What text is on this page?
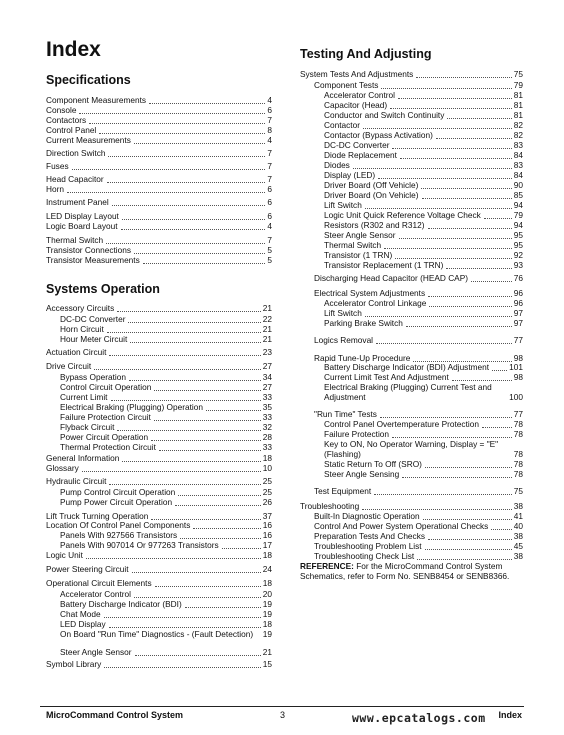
Index
Specifications
Systems Operation
Component Measurements	4
Console	6
Contactors	7
Control Panel	8
Current Measurements	4
Direction Switch	7
Fuses	7
Head Capacitor	7
Horn	6
Instrument Panel	6
LED Display Layout	6
Logic Board Layout	4
Thermal Switch	7
Transistor Connections	5
Transistor Measurements	5
Accessory Circuits	21
DC-DC Converter	22
Horn Circuit	21
Hour Meter Circuit	21
Actuation Circuit	23
Drive Circuit	27
Bypass Operation	34
Control Circuit Operation	27
Current Limit	33
Electrical Braking (Plugging) Operation	35
Failure Protection Circuit	33
Flyback Circuit	32
Power Circuit Operation	28
Thermal Protection Circuit	33
General Information	18
Glossary	10
Hydraulic Circuit	25
Pump Control Circuit Operation	25
Pump Power Circuit Operation	26
Lift Truck Turning Operation	37
Location Of Control Panel Components	16
Panels With 927566 Transistors	16
Panels With 907014 Or 977263 Transistors	17
Logic Unit	18
Power Steering Circuit	24
Operational Circuit Elements	18
Accelerator Control	20
Battery Discharge Indicator (BDI)	19
Chat Mode	19
LED Display	18
On Board "Run Time" Diagnostics - (Fault Detection)	19
Steer Angle Sensor	21
Symbol Library	15
Testing And Adjusting
System Tests And Adjustments	75
Component Tests	79
Accelerator Control	81
Capacitor (Head)	81
Conductor and Switch Continuity	81
Contactor	82
Contactor (Bypass Activation)	82
DC-DC Converter	83
Diode Replacement	84
Diodes	83
Display (LED)	84
Driver Board (Off Vehicle)	90
Driver Board (On Vehicle)	85
Lift Switch	94
Logic Unit Quick Reference Voltage Check	79
Resistors (R302 and R312)	94
Steer Angle Sensor	95
Thermal Switch	95
Transistor (1 TRN)	92
Transistor Replacement (1 TRN)	93
Discharging Head Capacitor (HEAD CAP)	76
Electrical System Adjustments	96
Accelerator Control Linkage	96
Lift Switch	97
Parking Brake Switch	97
Logics Removal	77
Rapid Tune-Up Procedure	98
Battery Discharge Indicator (BDI) Adjustment 101
Current Limit Test And Adjustment	98
Electrical Braking (Plugging) Current Test and Adjustment	100
"Run Time" Tests	77
Control Panel Overtemperature Protection	78
Failure Protection	78
Key to ON, No Operator Warning, Display = "E" (Flashing)	78
Static Return To Off (SRO)	78
Steer Angle Sensing	78
Test Equipment	75
Troubleshooting	38
Built-In Diagnostic Operation	41
Control And Power System Operational Checks	40
Preparation Tests And Checks	38
Troubleshooting Problem List	45
Troubleshooting Check List	38
REFERENCE: For the MicroCommand Control System Schematics, refer to Form No. SENB8454 or SENB8366.
MicroCommand Control System	3	www.epcatalogs.com Index
